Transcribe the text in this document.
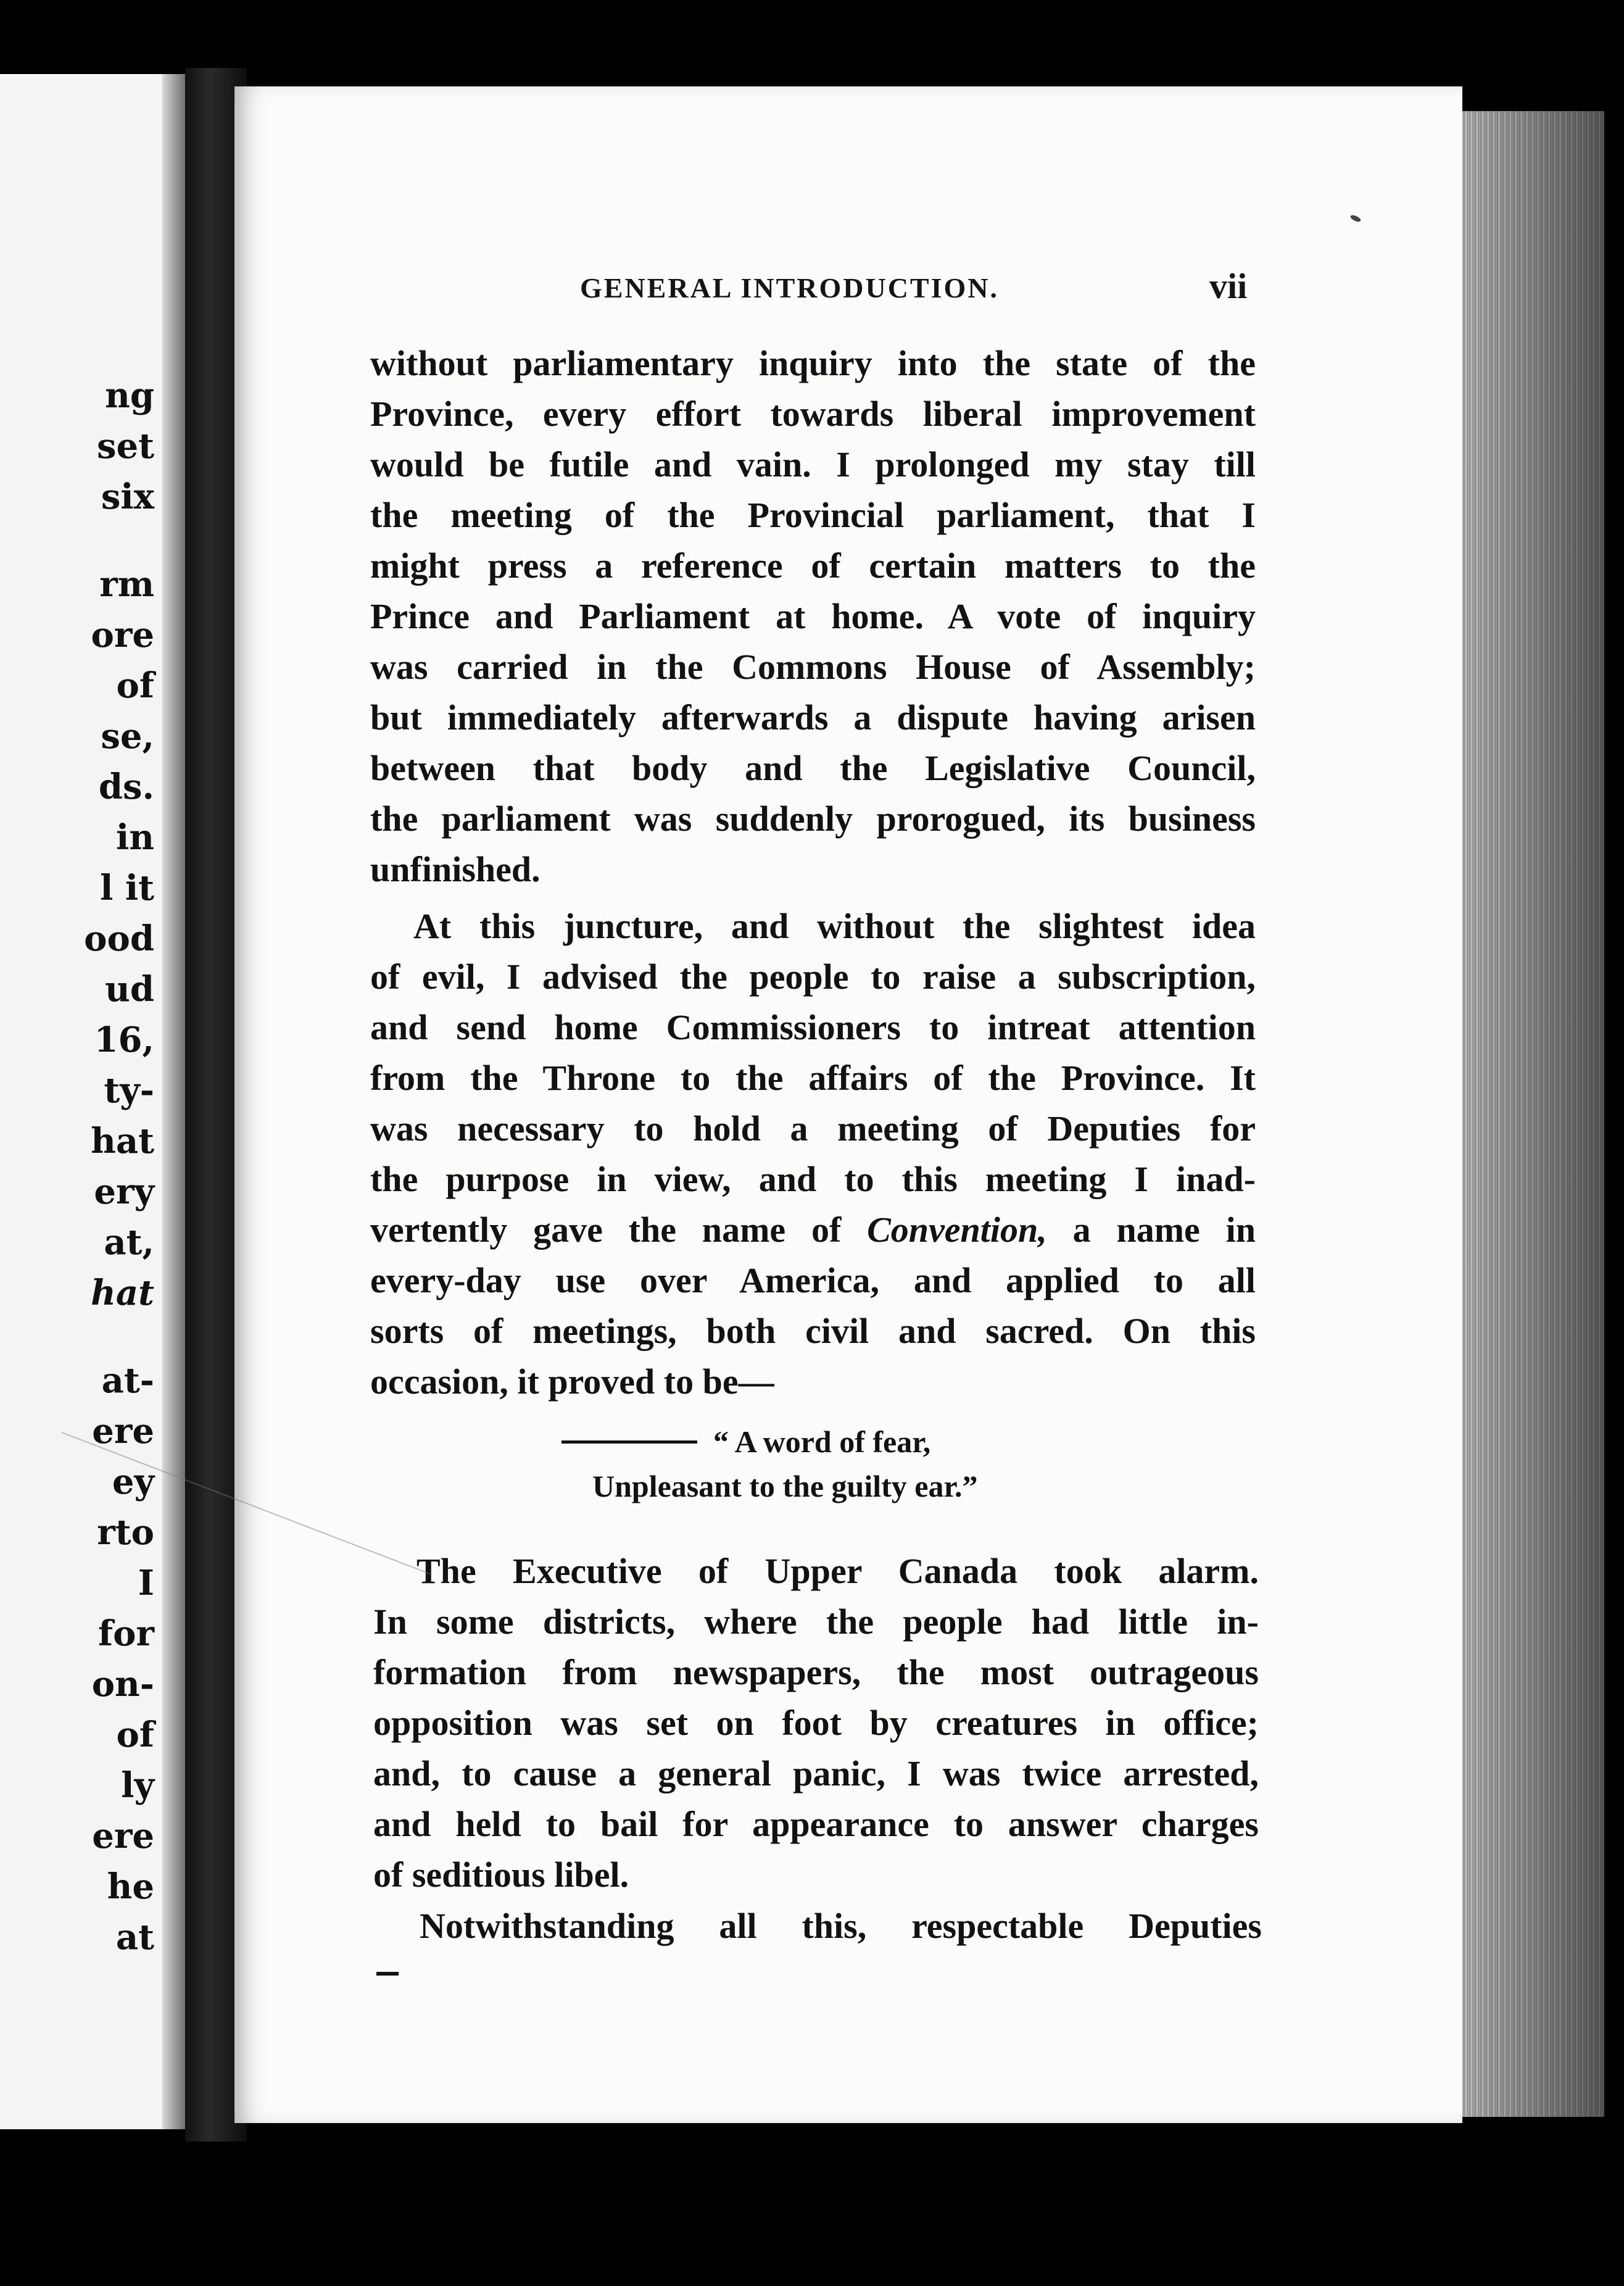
ng
set
six
rm
ore
of
se,
ds.
in
l it
ood
ud
16,
ty-
hat
ery
at,
hat
at-
ere
ey
rto
I
for
on-
of
ly
ere
he
at
GENERAL INTRODUCTION.	vii

without parliamentary inquiry into the state of the
Province, every effort towards liberal improvement
would be futile and vain. I prolonged my stay till
the meeting of the Provincial parliament, that I
might press a reference of certain matters to the
Prince and Parliament at home. A vote of inquiry
was carried in the Commons House of Assembly;
but immediately afterwards a dispute having arisen
between that body and the Legislative Council,
the parliament was suddenly prorogued, its business
unfinished.

At this juncture, and without the slightest idea
of evil, I advised the people to raise a subscription,
and send home Commissioners to intreat attention
from the Throne to the affairs of the Province. It
was necessary to hold a meeting of Deputies for
the purpose in view, and to this meeting I inad-
vertently gave the name of Convention, a name in
every-day use over America, and applied to all
sorts of meetings, both civil and sacred. On this
occasion, it proved to be—

“ A word of fear,
Unpleasant to the guilty ear.”

The Executive of Upper Canada took alarm.
In some districts, where the people had little in-
formation from newspapers, the most outrageous
opposition was set on foot by creatures in office;
and, to cause a general panic, I was twice arrested,
and held to bail for appearance to answer charges
of seditious libel.

Notwithstanding all this, respectable Deputies
